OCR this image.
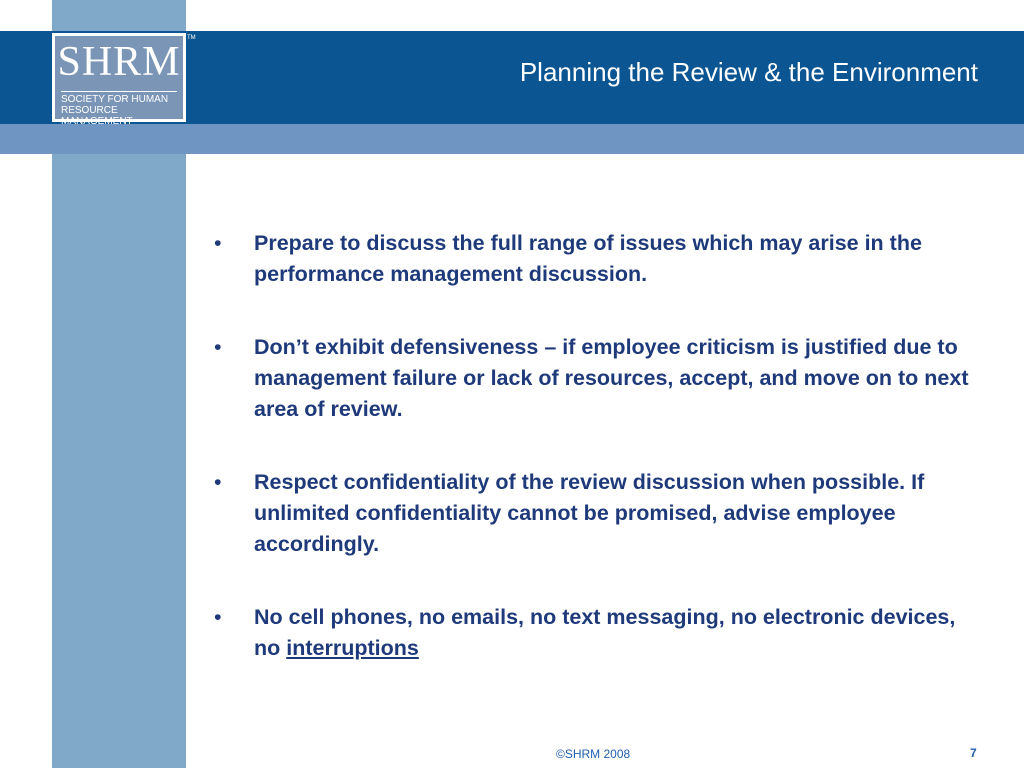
SHRM
SOCIETY FOR HUMAN
RESOURCE MANAGEMENT
TM
Planning the Review & the Environment
• Prepare to discuss the full range of issues which may arise in the performance management discussion.
• Don’t exhibit defensiveness – if employee criticism is justified due to management failure or lack of resources, accept, and move on to next area of review.
• Respect confidentiality of the review discussion when possible. If unlimited confidentiality cannot be promised, advise employee accordingly.
• No cell phones, no emails, no text messaging, no electronic devices, no interruptions
©SHRM 2008	7
